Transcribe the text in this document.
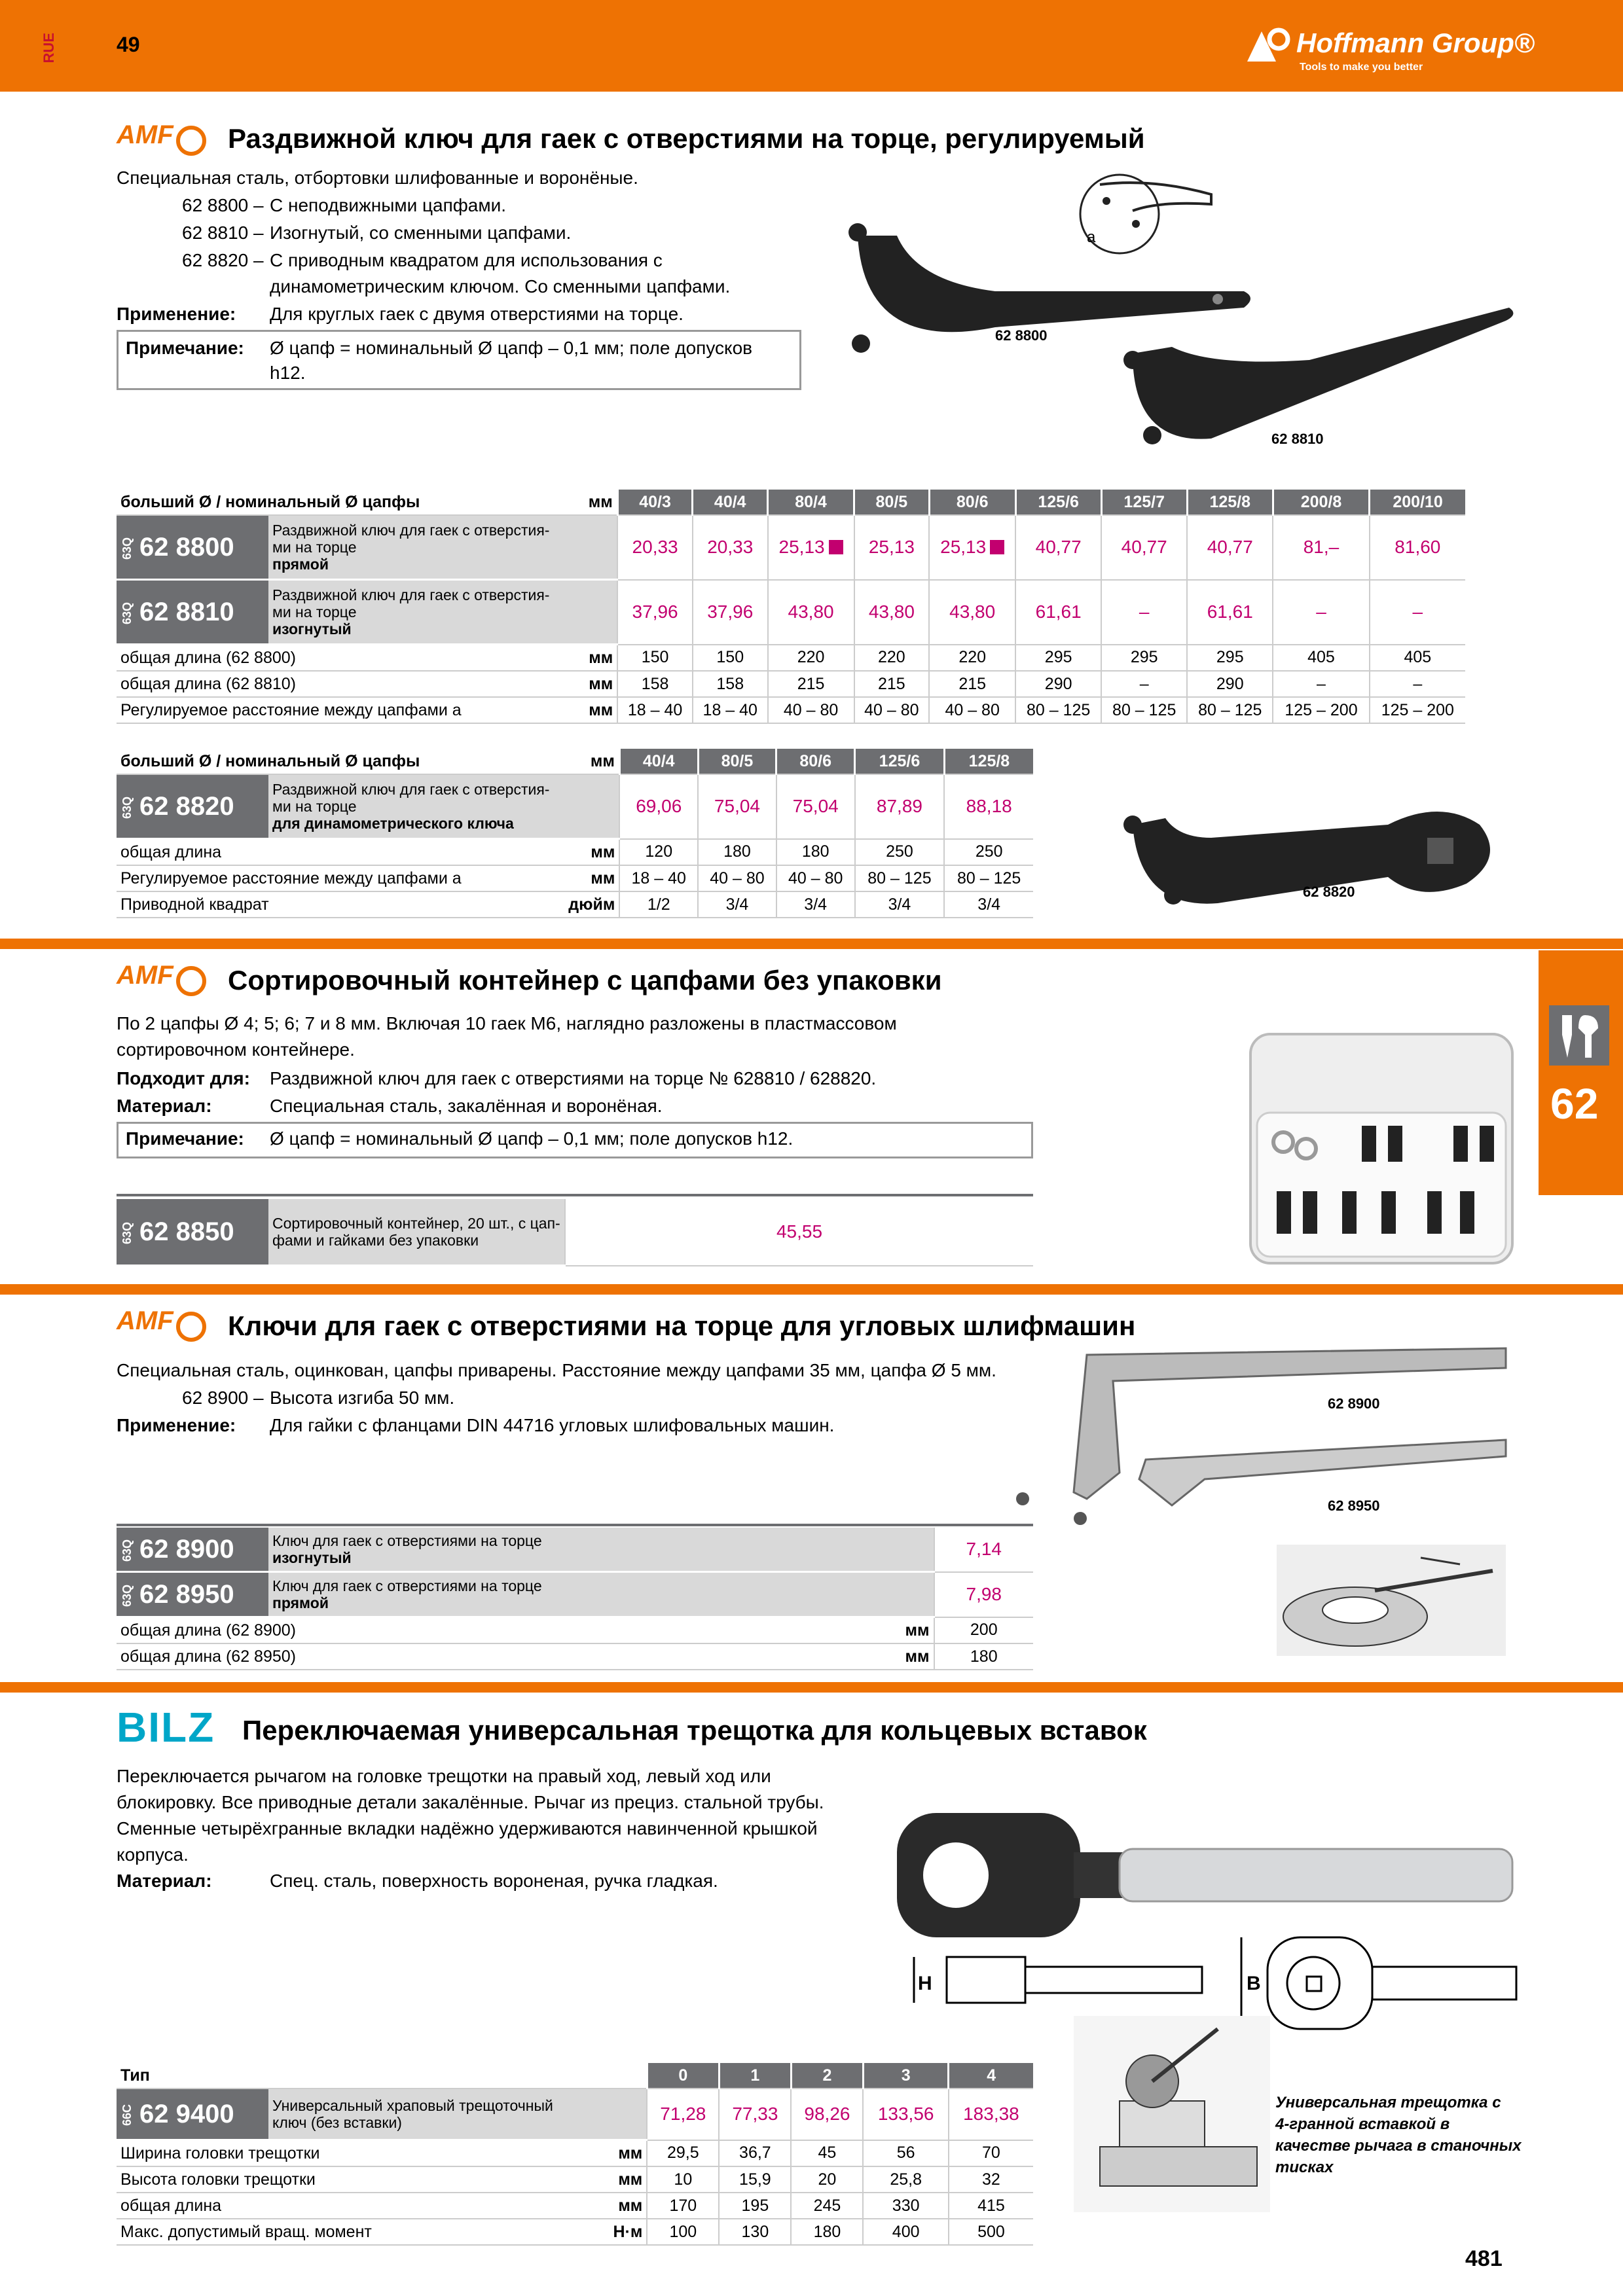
RUE	49	Hoffmann Group®
Tools to make you better
AMF	Раздвижной ключ для гаек с отверстиями на торце, регулируемый
Специальная сталь, отбортовки шлифованные и воронёные.
62 8800 – С неподвижными цапфами.
62 8810 – Изогнутый, со сменными цапфами.
62 8820 – С приводным квадратом для использования с
динамометрическим ключом. Со сменными цапфами.
Применение: Для круглых гаек с двумя отверстиями на торце.
Примечание: Ø цапф = номинальный Ø цапф – 0,1 мм; поле допусков
h12.
a
62 8800
62 8810
больший Ø / номинальный Ø цапфы		мм	40/3	40/4	80/4	80/5	80/6	125/6	125/7	125/8	200/8	200/10
63Q 62 8800	Раздвижной ключ для гаек с отверстия-
ми на торце
прямой		20,33	20,33	25,13	25,13	25,13	40,77	40,77	40,77	81,–	81,60
63Q 62 8810	Раздвижной ключ для гаек с отверстия-
ми на торце
изогнутый		37,96	37,96	43,80	43,80	43,80	61,61	–	61,61	–	–
общая длина (62 8800)		мм	150	150	220	220	220	295	295	295	405	405
общая длина (62 8810)		мм	158	158	215	215	215	290	–	290	–	–
Регулируемое расстояние между цапфами a		мм	18 – 40	18 – 40	40 – 80	40 – 80	40 – 80	80 – 125	80 – 125	80 – 125	125 – 200	125 – 200
больший Ø / номинальный Ø цапфы		мм	40/4	80/5	80/6	125/6	125/8
63Q 62 8820	Раздвижной ключ для гаек с отверстия-
ми на торце
для динамометрического ключа		69,06	75,04	75,04	87,89	88,18
общая длина		мм	120	180	180	250	250
Регулируемое расстояние между цапфами a		мм	18 – 40	40 – 80	40 – 80	80 – 125	80 – 125
Приводной квадрат		дюйм	1/2	3/4	3/4	3/4	3/4
62 8820
62
AMF	Сортировочный контейнер с цапфами без упаковки
По 2 цапфы Ø 4; 5; 6; 7 и 8 мм. Включая 10 гаек M6, наглядно разложены в пластмассовом
сортировочном контейнере.
Подходит для: Раздвижной ключ для гаек с отверстиями на торце № 628810 / 628820.
Материал:	Специальная сталь, закалённая и воронёная.
Примечание: Ø цапф = номинальный Ø цапф – 0,1 мм; поле допусков h12.
63Q 62 8850	Сортировочный контейнер, 20 шт., с цап-
фами и гайками без упаковки	45,55
AMF	Ключи для гаек с отверстиями на торце для угловых шлифмашин
Специальная сталь, оцинкован, цапфы приварены. Расстояние между цапфами 35 мм, цапфа Ø 5 мм.
62 8900 – Высота изгиба 50 мм.
Применение: Для гайки с фланцами DIN 44716 угловых шлифовальных машин.
62 8900
62 8950
63Q 62 8900	Ключ для гаек с отверстиями на торце
изогнутый		7,14
63Q 62 8950	Ключ для гаек с отверстиями на торце
прямой		7,98
общая длина (62 8900)		мм	200
общая длина (62 8950)		мм	180
BILZ Переключаемая универсальная трещотка для кольцевых вставок
Переключается рычагом на головке трещотки на правый ход, левый ход или
блокировку. Все приводные детали закалённые. Рычаг из прециз. стальной трубы.
Сменные четырёхгранные вкладки надёжно удерживаются навинченной крышкой
корпуса.
Материал:	Спец. сталь, поверхность вороненая, ручка гладкая.
H	B
Универсальная трещотка с
4-гранной вставкой в
качестве рычага в станочных
тисках
Тип			0	1	2	3	4
66C 62 9400	Универсальный храповый трещоточный
ключ (без вставки)		71,28	77,33	98,26	133,56	183,38
Ширина головки трещотки		мм	29,5	36,7	45	56	70
Высота головки трещотки		мм	10	15,9	20	25,8	32
общая длина		мм	170	195	245	330	415
Макс. допустимый вращ. момент		Н·м	100	130	180	400	500
481
